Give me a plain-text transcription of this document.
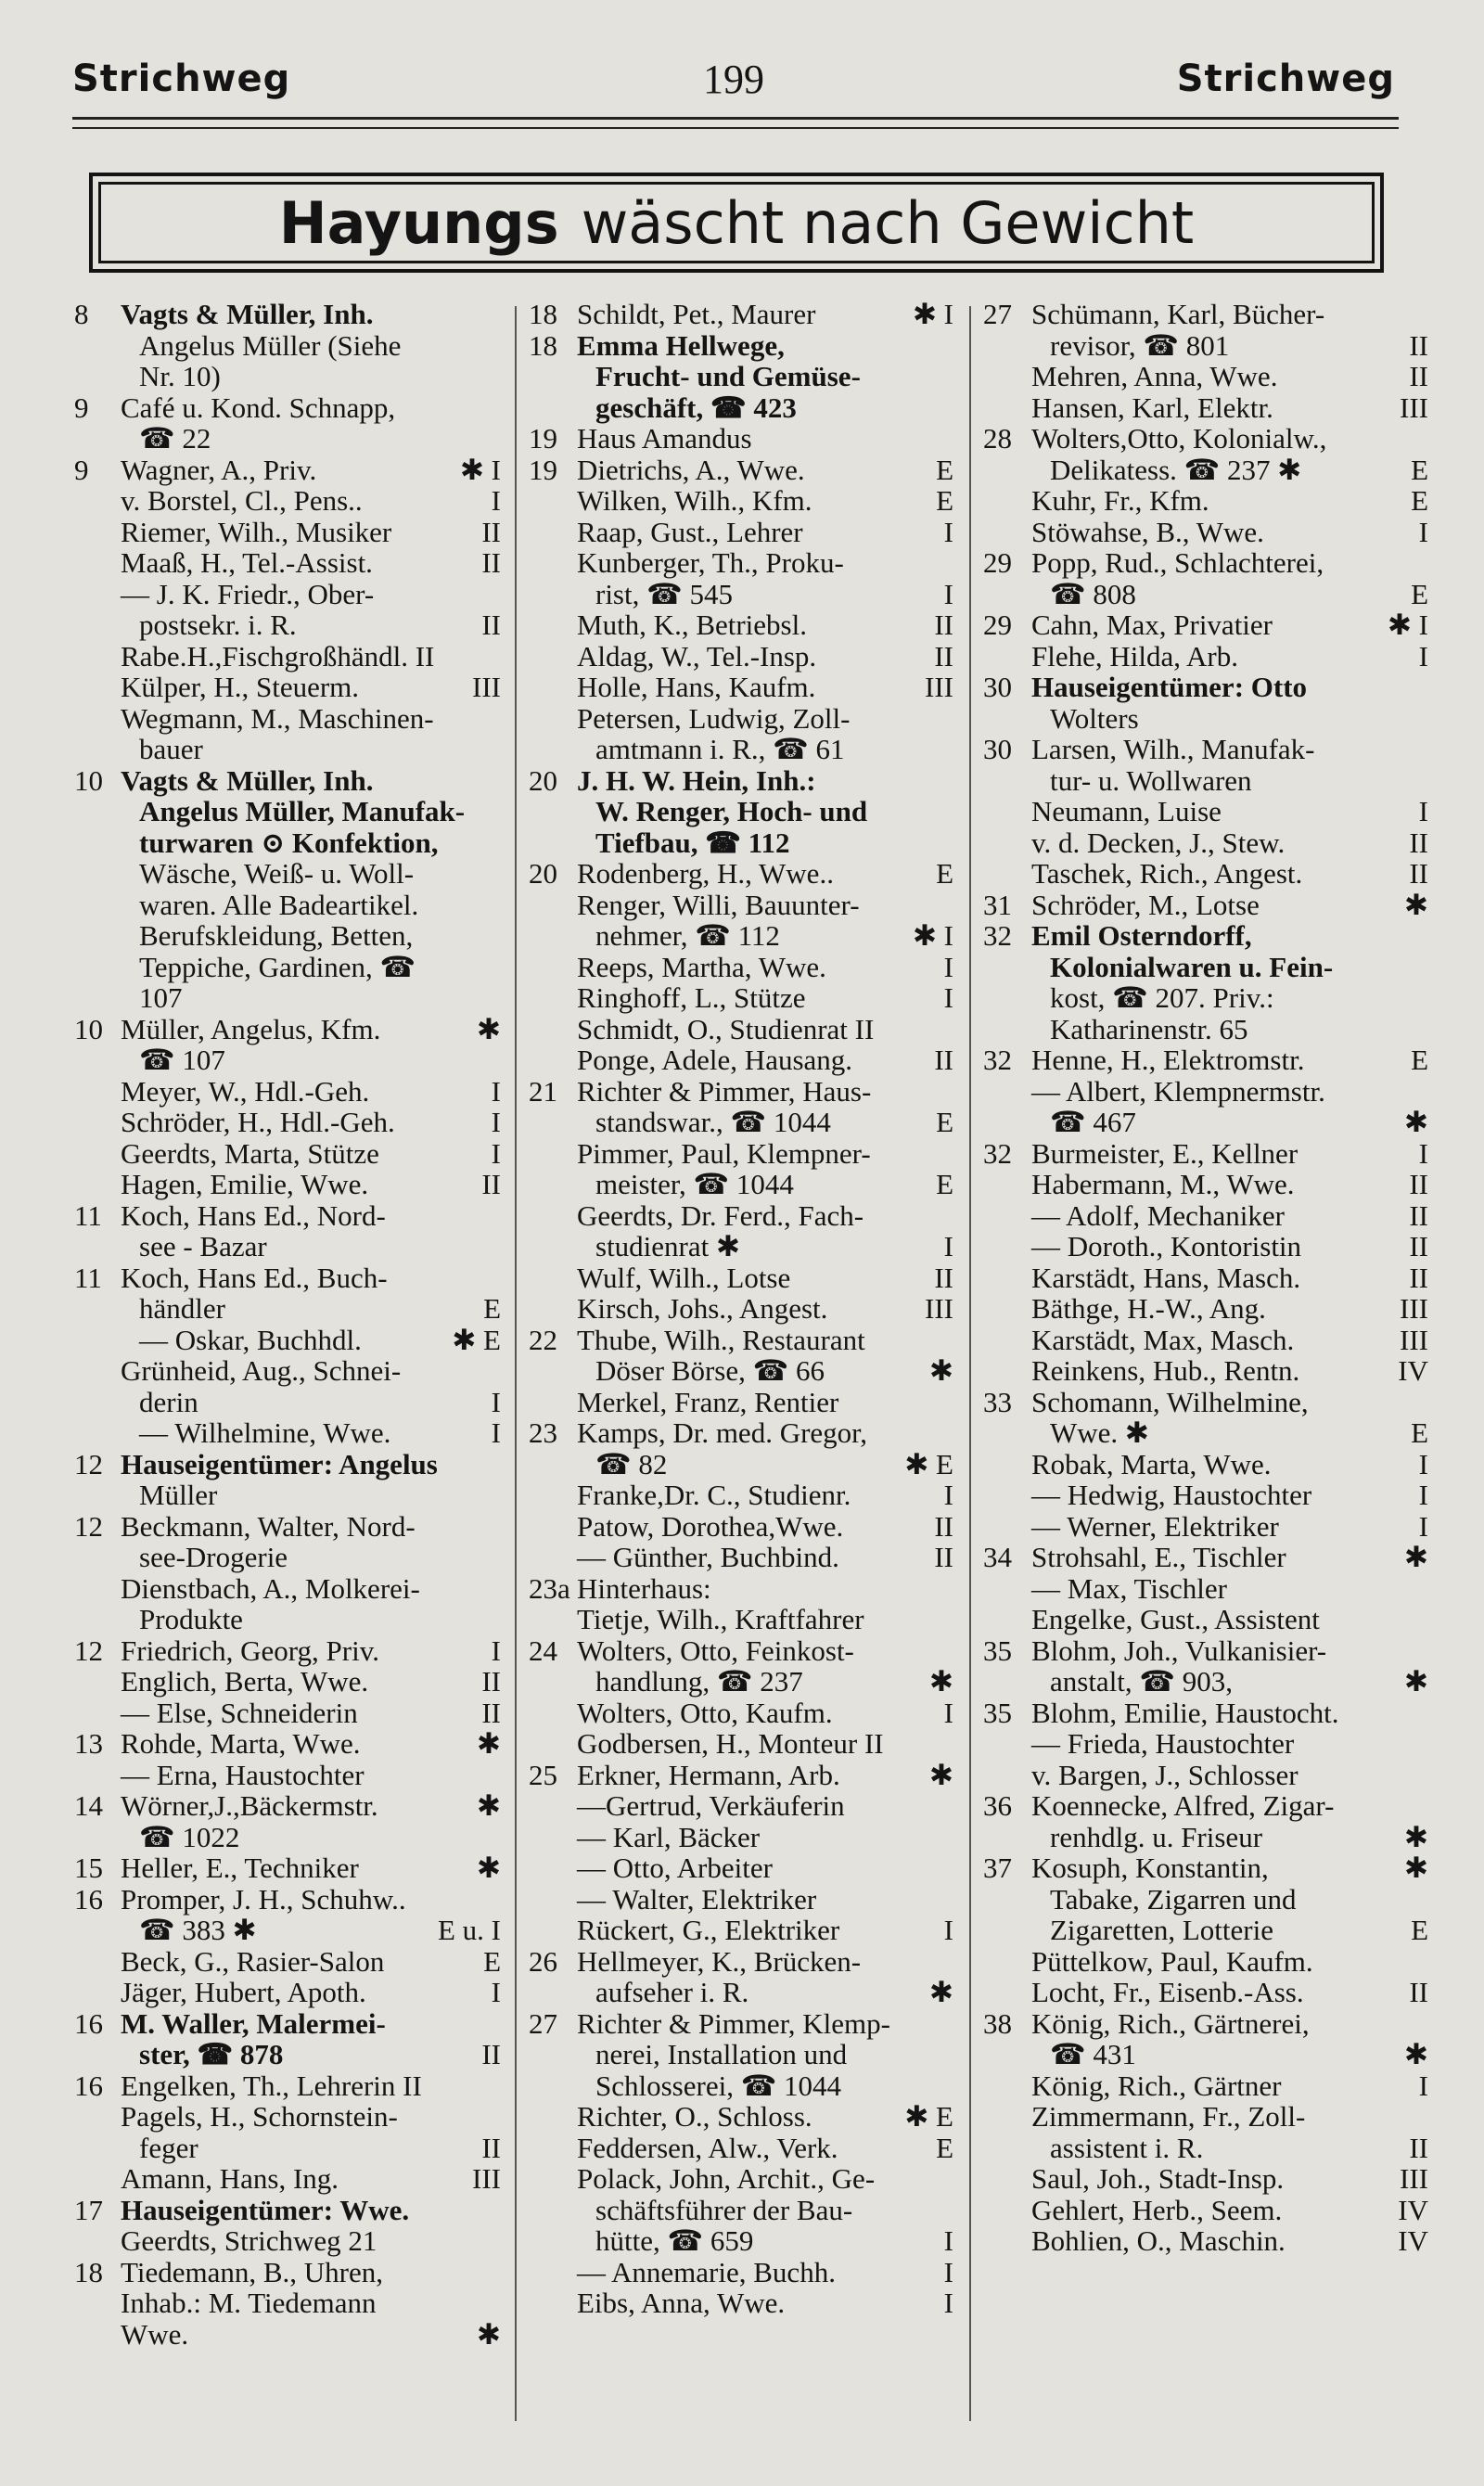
Strichweg	199	Strichweg
Hayungs wäscht nach Gewicht
8	Vagts & Müller, Inh.
Angelus Müller (Siehe
Nr. 10)
9	Café u. Kond. Schnapp,
☎ 22
9	Wagner, A., Priv.	✱ I
v. Borstel, Cl., Pens..	I
Riemer, Wilh., Musiker	II
Maaß, H., Tel.-Assist.	II
— J. K. Friedr., Ober-
postsekr. i. R.	II
Rabe.H.,Fischgroßhändl. II
Külper, H., Steuerm.	III
Wegmann, M., Maschinen-
bauer
10 Vagts & Müller, Inh.
Angelus Müller, Manufak-
turwaren ⊙ Konfektion,
Wäsche, Weiß- u. Woll-
waren. Alle Badeartikel.
Berufskleidung, Betten,
Teppiche, Gardinen, ☎
107
10 Müller, Angelus, Kfm.	✱
☎ 107
Meyer, W., Hdl.-Geh.	I
Schröder, H., Hdl.-Geh.	I
Geerdts, Marta, Stütze	I
Hagen, Emilie, Wwe.	II
11 Koch, Hans Ed., Nord-
see - Bazar
11 Koch, Hans Ed., Buch-
händler	E
— Oskar, Buchhdl.	✱ E
Grünheid, Aug., Schnei-
derin	I
— Wilhelmine, Wwe.	I
12 Hauseigentümer: Angelus
Müller
12 Beckmann, Walter, Nord-
see-Drogerie
Dienstbach, A., Molkerei-
Produkte
12 Friedrich, Georg, Priv.	I
Englich, Berta, Wwe.	II
— Else, Schneiderin	II
13 Rohde, Marta, Wwe.	✱
— Erna, Haustochter
14 Wörner,J.,Bäckermstr.	✱
☎ 1022
15 Heller, E., Techniker	✱
16 Promper, J. H., Schuhw..
☎ 383 ✱	E u. I
Beck, G., Rasier-Salon	E
Jäger, Hubert, Apoth.	I
16 M. Waller, Malermei-
ster, ☎ 878	II
16 Engelken, Th., Lehrerin II
Pagels, H., Schornstein-
feger	II
Amann, Hans, Ing.	III
17 Hauseigentümer: Wwe.
Geerdts, Strichweg 21
18 Tiedemann, B., Uhren,
Inhab.: M. Tiedemann
Wwe.	✱
18 Schildt, Pet., Maurer	✱ I
18 Emma Hellwege,
Frucht- und Gemüse-
geschäft, ☎ 423
19 Haus Amandus
19 Dietrichs, A., Wwe.	E
Wilken, Wilh., Kfm.	E
Raap, Gust., Lehrer	I
Kunberger, Th., Proku-
rist, ☎ 545	I
Muth, K., Betriebsl.	II
Aldag, W., Tel.-Insp.	II
Holle, Hans, Kaufm.	III
Petersen, Ludwig, Zoll-
amtmann i. R., ☎ 61
20 J. H. W. Hein, Inh.:
W. Renger, Hoch- und
Tiefbau, ☎ 112
20 Rodenberg, H., Wwe..	E
Renger, Willi, Bauunter-
nehmer, ☎ 112	✱ I
Reeps, Martha, Wwe.	I
Ringhoff, L., Stütze	I
Schmidt, O., Studienrat II
Ponge, Adele, Hausang.	II
21 Richter & Pimmer, Haus-
standswar., ☎ 1044	E
Pimmer, Paul, Klempner-
meister, ☎ 1044	E
Geerdts, Dr. Ferd., Fach-
studienrat ✱	I
Wulf, Wilh., Lotse	II
Kirsch, Johs., Angest.	III
22 Thube, Wilh., Restaurant
Döser Börse, ☎ 66	✱
Merkel, Franz, Rentier
23 Kamps, Dr. med. Gregor,
☎ 82	✱ E
Franke,Dr. C., Studienr.	I
Patow, Dorothea,Wwe.	II
— Günther, Buchbind.	II
23a Hinterhaus:
Tietje, Wilh., Kraftfahrer
24 Wolters, Otto, Feinkost-
handlung, ☎ 237	✱
Wolters, Otto, Kaufm.	I
Godbersen, H., Monteur II
25 Erkner, Hermann, Arb.	✱
—Gertrud, Verkäuferin
— Karl, Bäcker
— Otto, Arbeiter
— Walter, Elektriker
Rückert, G., Elektriker	I
26 Hellmeyer, K., Brücken-
aufseher i. R.	✱
27 Richter & Pimmer, Klemp-
nerei, Installation und
Schlosserei, ☎ 1044
Richter, O., Schloss.	✱ E
Feddersen, Alw., Verk.	E
Polack, John, Archit., Ge-
schäftsführer der Bau-
hütte, ☎ 659	I
— Annemarie, Buchh.	I
Eibs, Anna, Wwe.	I
27 Schümann, Karl, Bücher-
revisor, ☎ 801	II
Mehren, Anna, Wwe.	II
Hansen, Karl, Elektr.	III
28 Wolters,Otto, Kolonialw.,
Delikatess. ☎ 237 ✱	E
Kuhr, Fr., Kfm.	E
Stöwahse, B., Wwe.	I
29 Popp, Rud., Schlachterei,
☎ 808	E
29 Cahn, Max, Privatier	✱ I
Flehe, Hilda, Arb.	I
30 Hauseigentümer: Otto
Wolters
30 Larsen, Wilh., Manufak-
tur- u. Wollwaren
Neumann, Luise	I
v. d. Decken, J., Stew.	II
Taschek, Rich., Angest.	II
31 Schröder, M., Lotse	✱
32 Emil Osterndorff,
Kolonialwaren u. Fein-
kost, ☎ 207. Priv.:
Katharinenstr. 65
32 Henne, H., Elektromstr.	E
— Albert, Klempnermstr.
☎ 467	✱
32 Burmeister, E., Kellner	I
Habermann, M., Wwe.	II
— Adolf, Mechaniker	II
— Doroth., Kontoristin	II
Karstädt, Hans, Masch.	II
Bäthge, H.-W., Ang.	III
Karstädt, Max, Masch.	III
Reinkens, Hub., Rentn.	IV
33 Schomann, Wilhelmine,
Wwe. ✱	E
Robak, Marta, Wwe.	I
— Hedwig, Haustochter	I
— Werner, Elektriker	I
34 Strohsahl, E., Tischler	✱
— Max, Tischler
Engelke, Gust., Assistent
35 Blohm, Joh., Vulkanisier-
anstalt, ☎ 903,	✱
35 Blohm, Emilie, Haustocht.
— Frieda, Haustochter
v. Bargen, J., Schlosser
36 Koennecke, Alfred, Zigar-
renhdlg. u. Friseur	✱
37 Kosuph, Konstantin,	✱
Tabake, Zigarren und
Zigaretten, Lotterie	E
Püttelkow, Paul, Kaufm.
Locht, Fr., Eisenb.-Ass.	II
38 König, Rich., Gärtnerei,
☎ 431	✱
König, Rich., Gärtner	I
Zimmermann, Fr., Zoll-
assistent i. R.	II
Saul, Joh., Stadt-Insp.	III
Gehlert, Herb., Seem.	IV
Bohlien, O., Maschin.	IV
